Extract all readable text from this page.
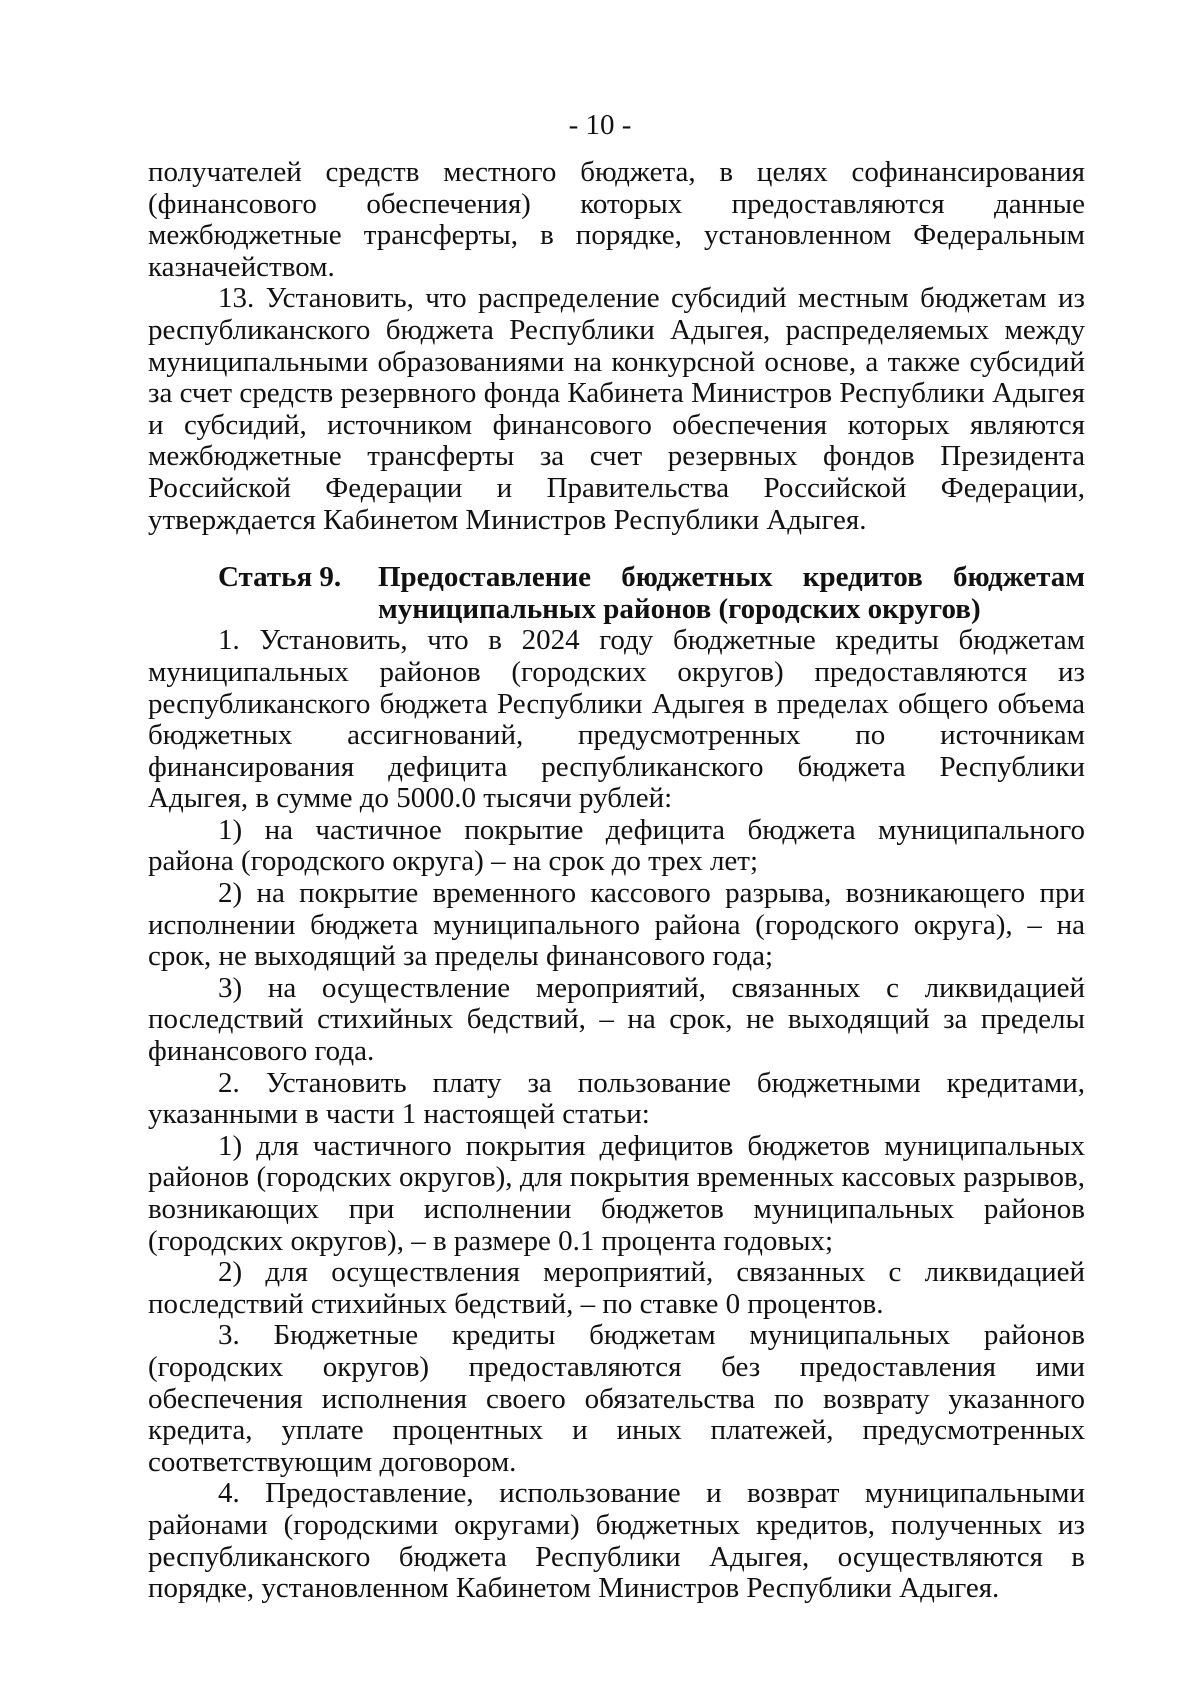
- 10 -

получателей средств местного бюджета, в целях софинансирования (финансового обеспечения) которых предоставляются данные межбюджетные трансферты, в порядке, установленном Федеральным казначейством.

13. Установить, что распределение субсидий местным бюджетам из республиканского бюджета Республики Адыгея, распределяемых между муниципальными образованиями на конкурсной основе, а также субсидий за счет средств резервного фонда Кабинета Министров Республики Адыгея и субсидий, источником финансового обеспечения которых являются межбюджетные трансферты за счет резервных фондов Президента Российской Федерации и Правительства Российской Федерации, утверждается Кабинетом Министров Республики Адыгея.

Статья 9.	Предоставление бюджетных кредитов бюджетам муниципальных районов (городских округов)

1. Установить, что в 2024 году бюджетные кредиты бюджетам муниципальных районов (городских округов) предоставляются из республиканского бюджета Республики Адыгея в пределах общего объема бюджетных ассигнований, предусмотренных по источникам финансирования дефицита республиканского бюджета Республики Адыгея, в сумме до 5000.0 тысячи рублей:

1) на частичное покрытие дефицита бюджета муниципального района (городского округа) – на срок до трех лет;

2) на покрытие временного кассового разрыва, возникающего при исполнении бюджета муниципального района (городского округа), – на срок, не выходящий за пределы финансового года;

3) на осуществление мероприятий, связанных с ликвидацией последствий стихийных бедствий, – на срок, не выходящий за пределы финансового года.

2. Установить плату за пользование бюджетными кредитами, указанными в части 1 настоящей статьи:

1) для частичного покрытия дефицитов бюджетов муниципальных районов (городских округов), для покрытия временных кассовых разрывов, возникающих при исполнении бюджетов муниципальных районов (городских округов), – в размере 0.1 процента годовых;

2) для осуществления мероприятий, связанных с ликвидацией последствий стихийных бедствий, – по ставке 0 процентов.

3. Бюджетные кредиты бюджетам муниципальных районов (городских округов) предоставляются без предоставления ими обеспечения исполнения своего обязательства по возврату указанного кредита, уплате процентных и иных платежей, предусмотренных соответствующим договором.

4. Предоставление, использование и возврат муниципальными районами (городскими округами) бюджетных кредитов, полученных из республиканского бюджета Республики Адыгея, осуществляются в порядке, установленном Кабинетом Министров Республики Адыгея.
